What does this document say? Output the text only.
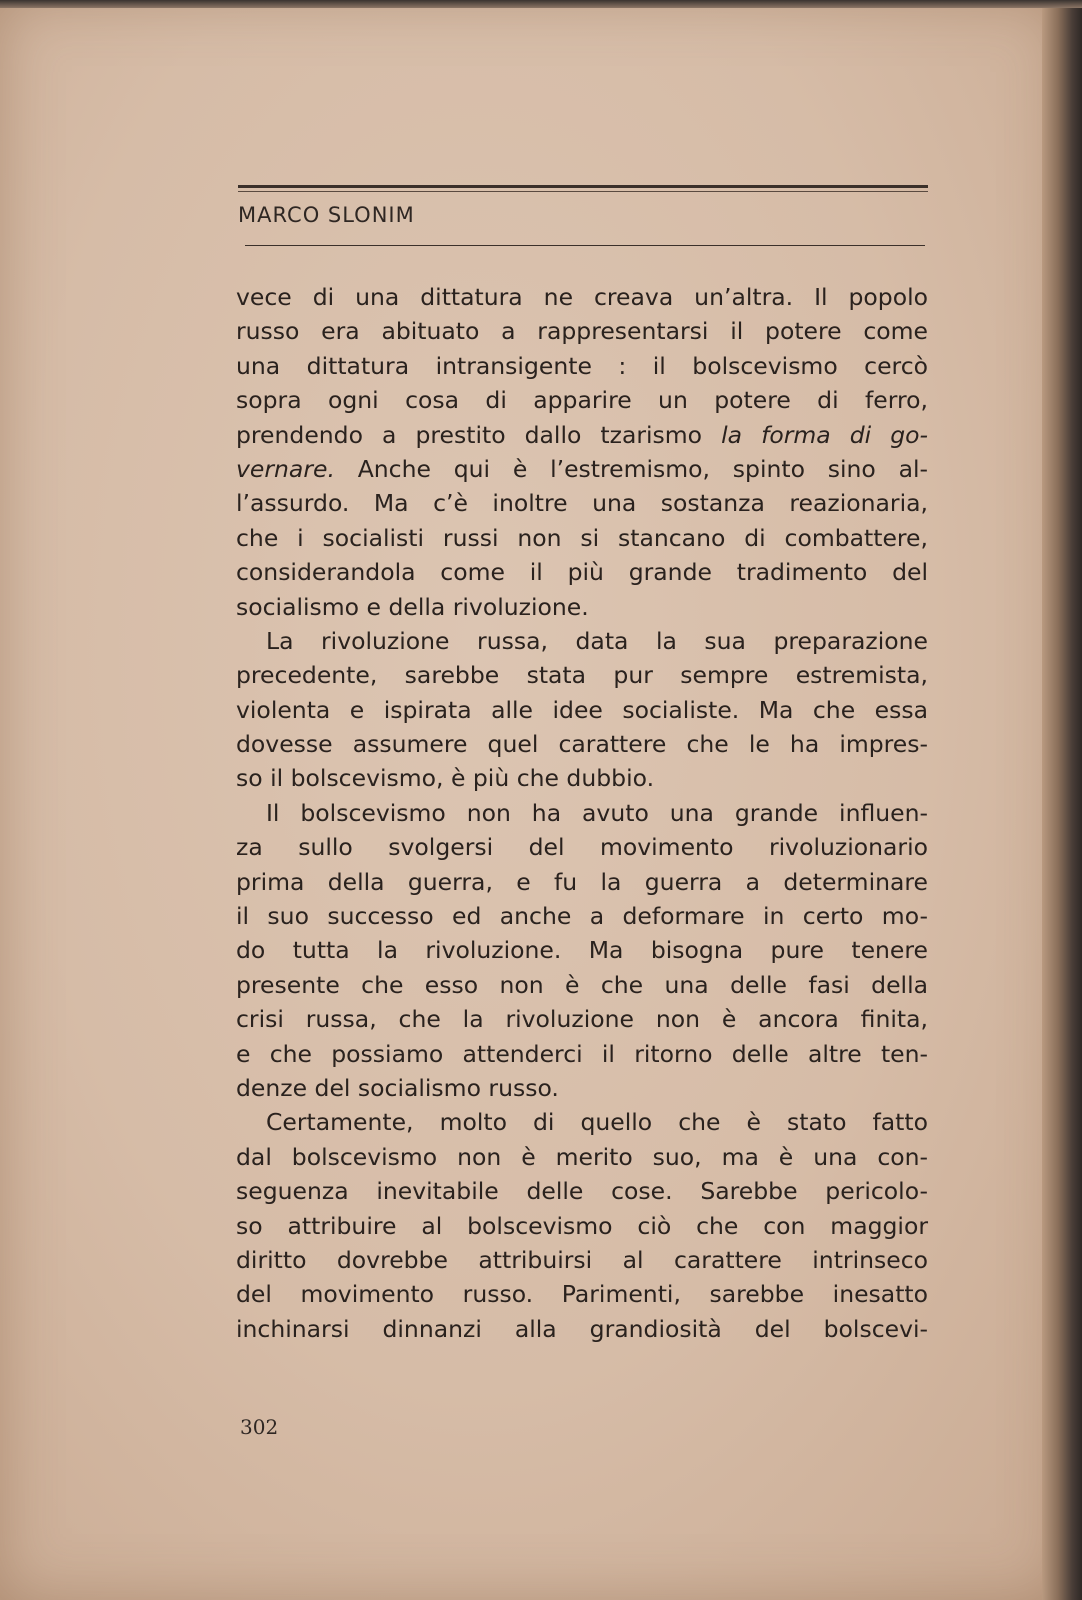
MARCO SLONIM
vece di una dittatura ne creava un’altra. Il popolo
russo era abituato a rappresentarsi il potere come
una dittatura intransigente : il bolscevismo cercò
sopra ogni cosa di apparire un potere di ferro,
prendendo a prestito dallo tzarismo la forma di go-
vernare. Anche qui è l’estremismo, spinto sino al-
l’assurdo. Ma c’è inoltre una sostanza reazionaria,
che i socialisti russi non si stancano di combattere,
considerandola come il più grande tradimento del
socialismo e della rivoluzione.
La rivoluzione russa, data la sua preparazione
precedente, sarebbe stata pur sempre estremista,
violenta e ispirata alle idee socialiste. Ma che essa
dovesse assumere quel carattere che le ha impres-
so il bolscevismo, è più che dubbio.
Il bolscevismo non ha avuto una grande influen-
za sullo svolgersi del movimento rivoluzionario
prima della guerra, e fu la guerra a determinare
il suo successo ed anche a deformare in certo mo-
do tutta la rivoluzione. Ma bisogna pure tenere
presente che esso non è che una delle fasi della
crisi russa, che la rivoluzione non è ancora finita,
e che possiamo attenderci il ritorno delle altre ten-
denze del socialismo russo.
Certamente, molto di quello che è stato fatto
dal bolscevismo non è merito suo, ma è una con-
seguenza inevitabile delle cose. Sarebbe pericolo-
so attribuire al bolscevismo ciò che con maggior
diritto dovrebbe attribuirsi al carattere intrinseco
del movimento russo. Parimenti, sarebbe inesatto
inchinarsi dinnanzi alla grandiosità del bolscevi-
302
